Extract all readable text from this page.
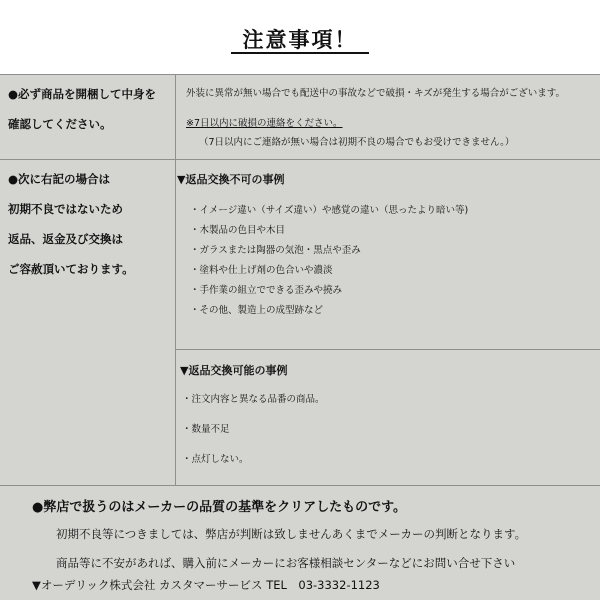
注意事項！
●必ず商品を開梱して中身を
確認してください。
外装に異常が無い場合でも配送中の事故などで破損・キズが発生する場合がございます。
※7日以内に破損の連絡をください。
（7日以内にご連絡が無い場合は初期不良の場合でもお受けできません。）
●次に右記の場合は
初期不良ではないため
返品、返金及び交換は
ご容赦頂いております。
▼返品交換不可の事例
・イメージ違い（サイズ違い）や感覚の違い（思ったより暗い等)
・木製品の色目や木目
・ガラスまたは陶器の気泡・黒点や歪み
・塗料や仕上げ剤の色合いや濃淡
・手作業の組立でできる歪みや撓み
・その他、製造上の成型跡など
▼返品交換可能の事例
・注文内容と異なる品番の商品。
・数量不足
・点灯しない。
●弊店で扱うのはメーカーの品質の基準をクリアしたものです。
初期不良等につきましては、弊店が判断は致しませんあくまでメーカーの判断となります。
商品等に不安があれば、購入前にメーカーにお客様相談センターなどにお問い合せ下さい
▼オーデリック株式会社 カスタマーサービス TEL　03-3332-1123
